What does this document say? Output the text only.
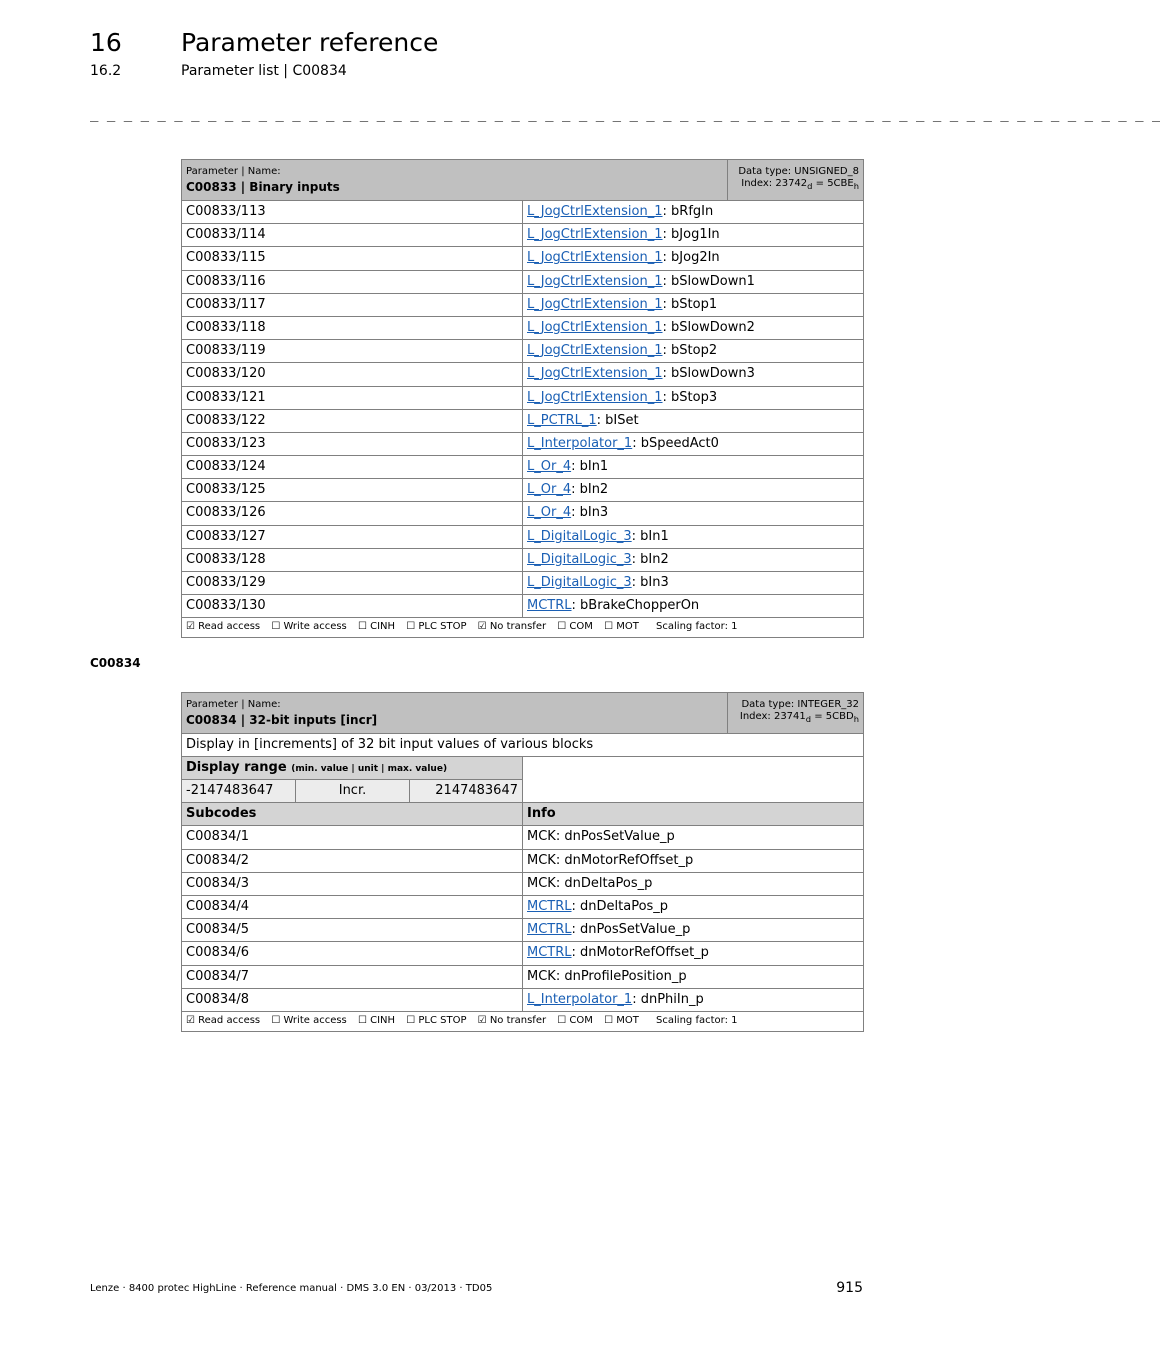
16 Parameter reference
16.2	Parameter list | C00834
_ _ _ _ _ _ _ _ _ _ _ _ _ _ _ _ _ _ _ _ _ _ _ _ _ _ _ _ _ _ _ _ _ _ _ _ _ _ _ _ _ _ _ _ _ _ _ _ _ _ _ _ _ _ _ _ _ _ _ _ _ _ _ _
Parameter | Name:
C00833 | Binary inputs
Data type: UNSIGNED_8
Index: $23742_d = 5CBE_h$
C00833/113	L_JogCtrlExtension_1: bRfgIn
C00833/114	L_JogCtrlExtension_1: bJog1In
C00833/115	L_JogCtrlExtension_1: bJog2In
C00833/116	L_JogCtrlExtension_1: bSlowDown1
C00833/117	L_JogCtrlExtension_1: bStop1
C00833/118	L_JogCtrlExtension_1: bSlowDown2
C00833/119	L_JogCtrlExtension_1: bStop2
C00833/120	L_JogCtrlExtension_1: bSlowDown3
C00833/121	L_JogCtrlExtension_1: bStop3
C00833/122	L_PCTRL_1: bISet
C00833/123	L_Interpolator_1: bSpeedAct0
C00833/124	L_Or_4: bIn1
C00833/125	L_Or_4: bIn2
C00833/126	L_Or_4: bIn3
C00833/127	L_DigitalLogic_3: bIn1
C00833/128	L_DigitalLogic_3: bIn2
C00833/129	L_DigitalLogic_3: bIn3
C00833/130	MCTRL: bBrakeChopperOn
☑ Read access ☐ Write access ☐ CINH ☐ PLC STOP ☑ No transfer ☐ COM ☐ MOT Scaling factor: 1
C00834
Parameter | Name:
C00834 | 32-bit inputs [incr]
Data type: INTEGER_32
Index: $23741_d = 5CBD_h$
Display in [increments] of 32 bit input values of various blocks
Display range (min. value | unit | max. value)
-2147483647	Incr.	2147483647
Subcodes	Info
C00834/1	MCK: dnPosSetValue_p
C00834/2	MCK: dnMotorRefOffset_p
C00834/3	MCK: dnDeltaPos_p
C00834/4	MCTRL: dnDeltaPos_p
C00834/5	MCTRL: dnPosSetValue_p
C00834/6	MCTRL: dnMotorRefOffset_p
C00834/7	MCK: dnProfilePosition_p
C00834/8	L_Interpolator_1: dnPhiIn_p
☑ Read access ☐ Write access ☐ CINH ☐ PLC STOP ☑ No transfer ☐ COM ☐ MOT Scaling factor: 1
Lenze · 8400 protec HighLine · Reference manual · DMS 3.0 EN · 03/2013 · TD05	915
